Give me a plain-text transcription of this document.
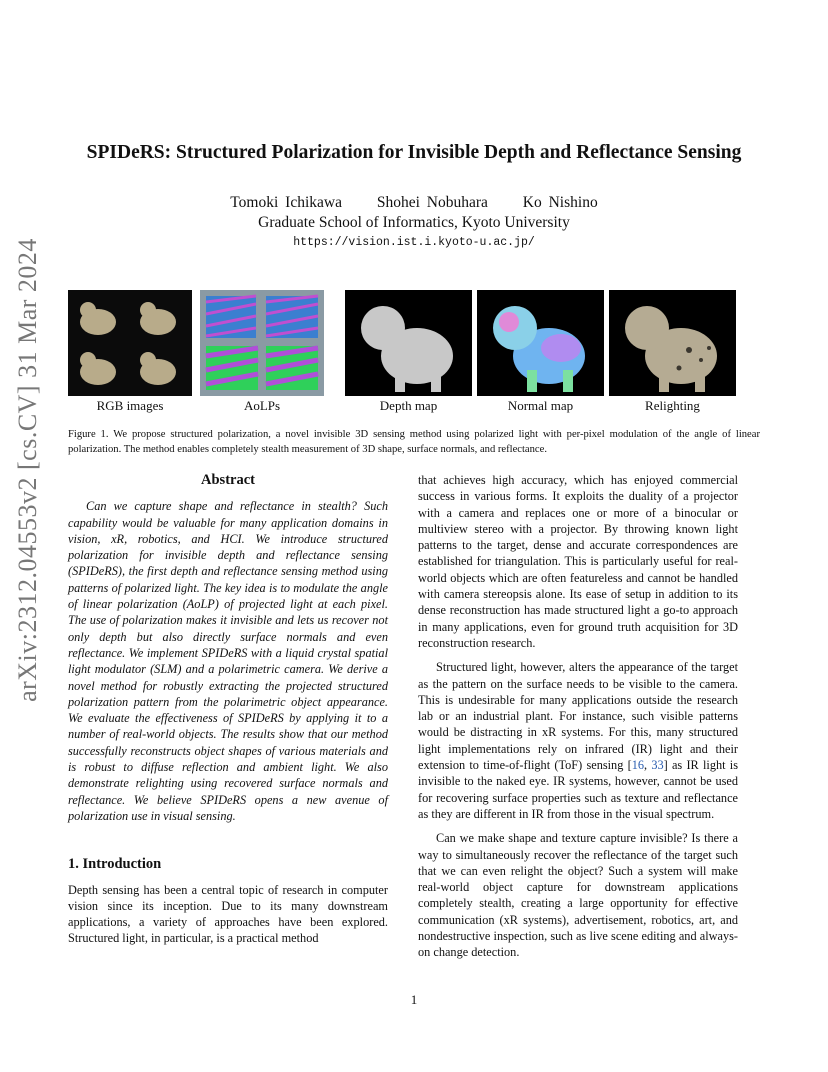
arXiv:2312.04553v2 [cs.CV] 31 Mar 2024
SPIDeRS: Structured Polarization for Invisible Depth and Reflectance Sensing
Tomoki Ichikawa Shohei Nobuhara Ko Nishino
Graduate School of Informatics, Kyoto University
https://vision.ist.i.kyoto-u.ac.jp/
RGB images	AoLPs	Depth map	Normal map	Relighting
Figure 1. We propose structured polarization, a novel invisible 3D sensing method using polarized light with per-pixel modulation of the angle of linear polarization. The method enables completely stealth measurement of 3D shape, surface normals, and reflectance.
Abstract

Can we capture shape and reflectance in stealth? Such capability would be valuable for many application domains in vision, xR, robotics, and HCI. We introduce structured polarization for invisible depth and reflectance sensing (SPIDeRS), the first depth and reflectance sensing method using patterns of polarized light. The key idea is to modulate the angle of linear polarization (AoLP) of projected light at each pixel. The use of polarization makes it invisible and lets us recover not only depth but also directly surface normals and even reflectance. We implement SPIDeRS with a liquid crystal spatial light modulator (SLM) and a polarimetric camera. We derive a novel method for robustly extracting the projected structured polarization pattern from the polarimetric object appearance. We evaluate the effectiveness of SPIDeRS by applying it to a number of real-world objects. The results show that our method successfully reconstructs object shapes of various materials and is robust to diffuse reflection and ambient light. We also demonstrate relighting using recovered surface normals and reflectance. We believe SPIDeRS opens a new avenue of polarization use in visual sensing.

1. Introduction

Depth sensing has been a central topic of research in computer vision since its inception. Due to its many downstream applications, a variety of approaches have been explored. Structured light, in particular, is a practical method

that achieves high accuracy, which has enjoyed commercial success in various forms. It exploits the duality of a projector with a camera and replaces one or more of a binocular or multiview stereo with a projector. By throwing known light patterns to the target, dense and accurate correspondences are established for triangulation. This is particularly useful for real-world objects which are often featureless and cannot be handled with camera stereopsis alone. Its ease of setup in addition to its dense reconstruction has made structured light a go-to approach in many applications, even for ground truth acquisition for 3D reconstruction research.

Structured light, however, alters the appearance of the target as the pattern on the surface needs to be visible to the camera. This is undesirable for many applications outside the research lab or an industrial plant. For instance, such visible patterns would be distracting in xR systems. For this, many structured light implementations rely on infrared (IR) light and their extension to time-of-flight (ToF) sensing [16, 33] as IR light is invisible to the naked eye. IR systems, however, cannot be used for recovering surface properties such as texture and reflectance as they are different in IR from those in the visual spectrum.

Can we make shape and texture capture invisible? Is there a way to simultaneously recover the reflectance of the target such that we can even relight the object? Such a system will make real-world object capture for downstream applications completely stealth, creating a large opportunity for effective communication (xR systems), advertisement, robotics, art, and nondestructive inspection, such as live scene editing and always-on change detection.

1
